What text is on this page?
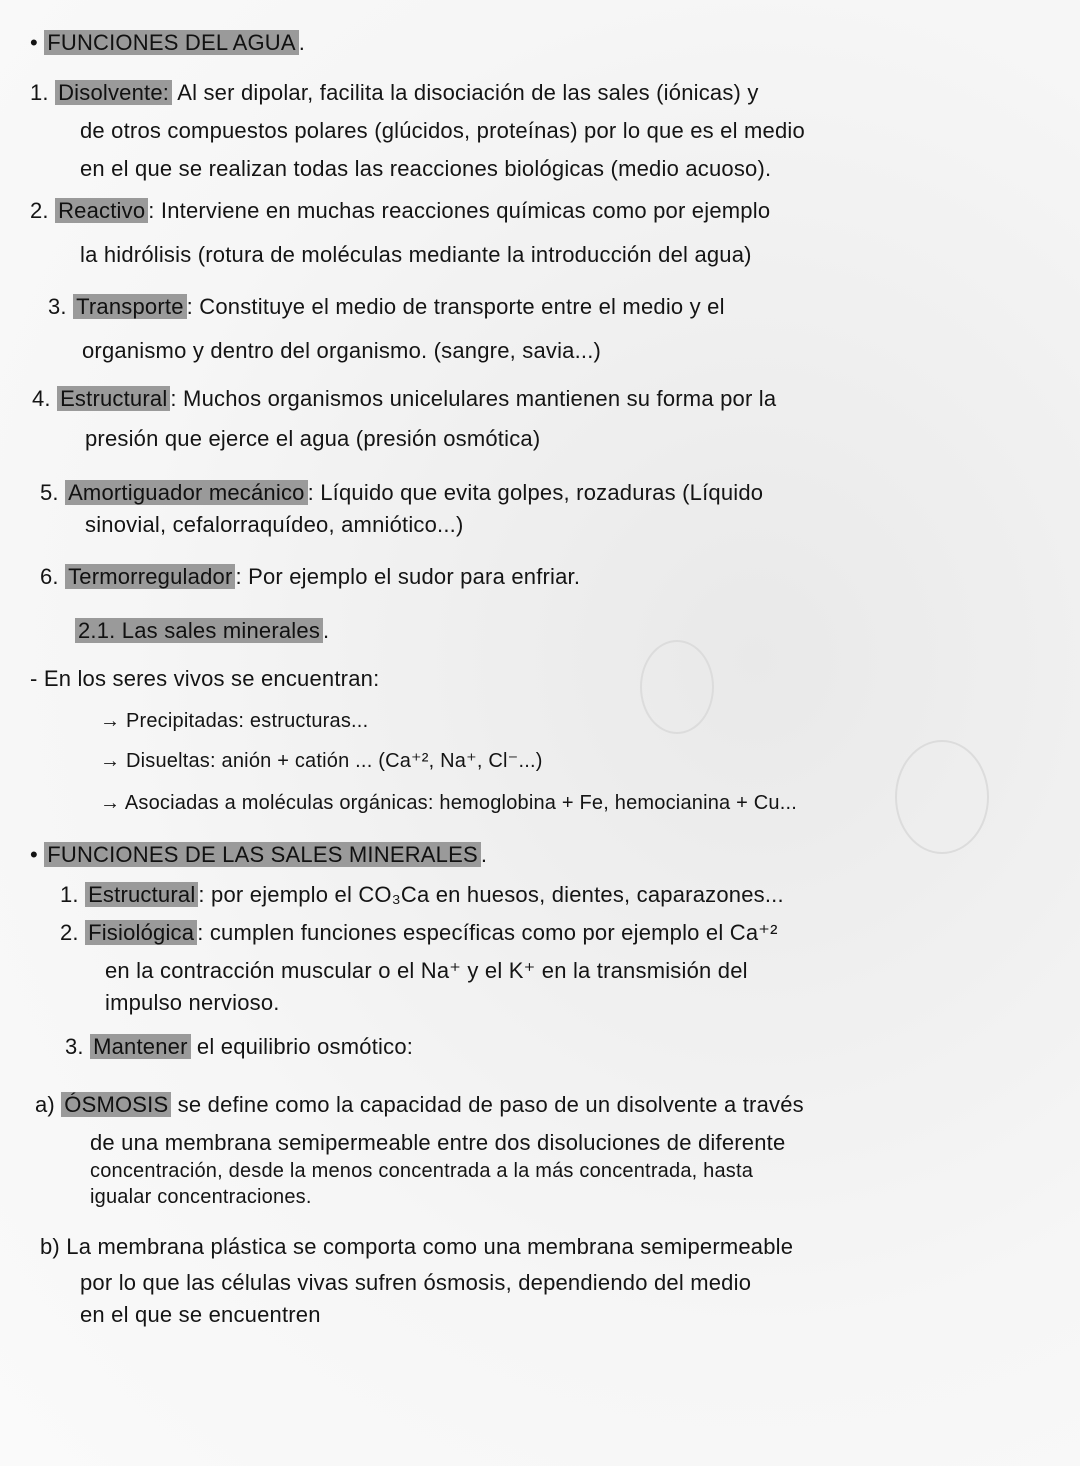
• FUNCIONES DEL AGUA .
1. Disolvente: Al ser dipolar, facilita la disociación de las sales (iónicas) y
de otros compuestos polares (glúcidos, proteínas) por lo que es el medio
en el que se realizan todas las reacciones biológicas (medio acuoso).
2. Reactivo : Interviene en muchas reacciones químicas como por ejemplo
la hidrólisis (rotura de moléculas mediante la introducción del agua)
3. Transporte : Constituye el medio de transporte entre el medio y el
organismo y dentro del organismo. (sangre, savia...)
4. Estructural : Muchos organismos unicelulares mantienen su forma por la
presión que ejerce el agua (presión osmótica)
5. Amortiguador mecánico : Líquido que evita golpes, rozaduras (Líquido
sinovial, cefalorraquídeo, amniótico...)
6. Termorregulador : Por ejemplo el sudor para enfriar.
2.1. Las sales minerales .
- En los seres vivos se encuentran:
→ Precipitadas: estructuras...
→ Disueltas: anión + catión ... (Ca⁺², Na⁺, Cl⁻...)
→ Asociadas a moléculas orgánicas: hemoglobina + Fe, hemocianina + Cu...
• FUNCIONES DE LAS SALES MINERALES .
1. Estructural : por ejemplo el CO₃Ca en huesos, dientes, caparazones...
2. Fisiológica : cumplen funciones específicas como por ejemplo el Ca⁺²
en la contracción muscular o el Na⁺ y el K⁺ en la transmisión del
impulso nervioso.
3. Mantener el equilibrio osmótico:
a) ÓSMOSIS se define como la capacidad de paso de un disolvente a través
de una membrana semipermeable entre dos disoluciones de diferente
concentración, desde la menos concentrada a la más concentrada, hasta
igualar concentraciones.
b) La membrana plástica se comporta como una membrana semipermeable
por lo que las células vivas sufren ósmosis, dependiendo del medio
en el que se encuentren
